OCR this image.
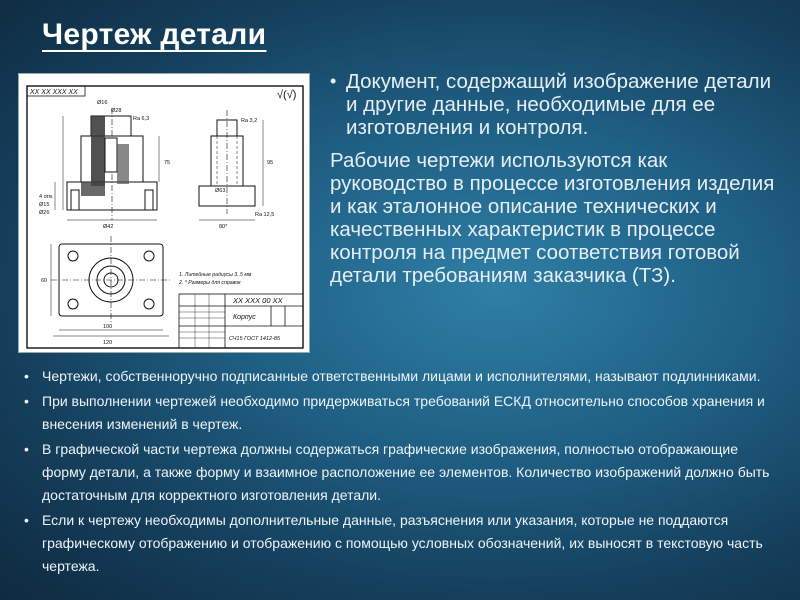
Чертеж детали
ХХ ХХ ХХХ ХХ	√(√)
Ø16
Ø28
Ra 6,3
Ø42
75
4 отв.
Ø15
Ø26
Ra 3,2
Ø63
95
80*
Ra 12,5
60
100
120
1. Литейные радиусы 3..5 мм
2. * Размеры для справок
ХХ ХХХ 00 ХХ
Корпус
СЧ15 ГОСТ 1412-85

• Документ, содержащий изображение детали и другие данные, необходимые для ее изготовления и контроля.

Рабочие чертежи используются как руководство в процессе изготовления изделия и как эталонное описание технических и качественных характеристик в процессе контроля на предмет соответствия готовой детали требованиям заказчика (ТЗ).
• Чертежи, собственноручно подписанные ответственными лицами и исполнителями, называют подлинниками.
• При выполнении чертежей необходимо придерживаться требований ЕСКД относительно способов хранения и внесения изменений в чертеж.
• В графической части чертежа должны содержаться графические изображения, полностью отображающие форму детали, а также форму и взаимное расположение ее элементов. Количество изображений должно быть достаточным для корректного изготовления детали.
• Если к чертежу необходимы дополнительные данные, разъяснения или указания, которые не поддаются графическому отображению и отображению с помощью условных обозначений, их выносят в текстовую часть чертежа.
